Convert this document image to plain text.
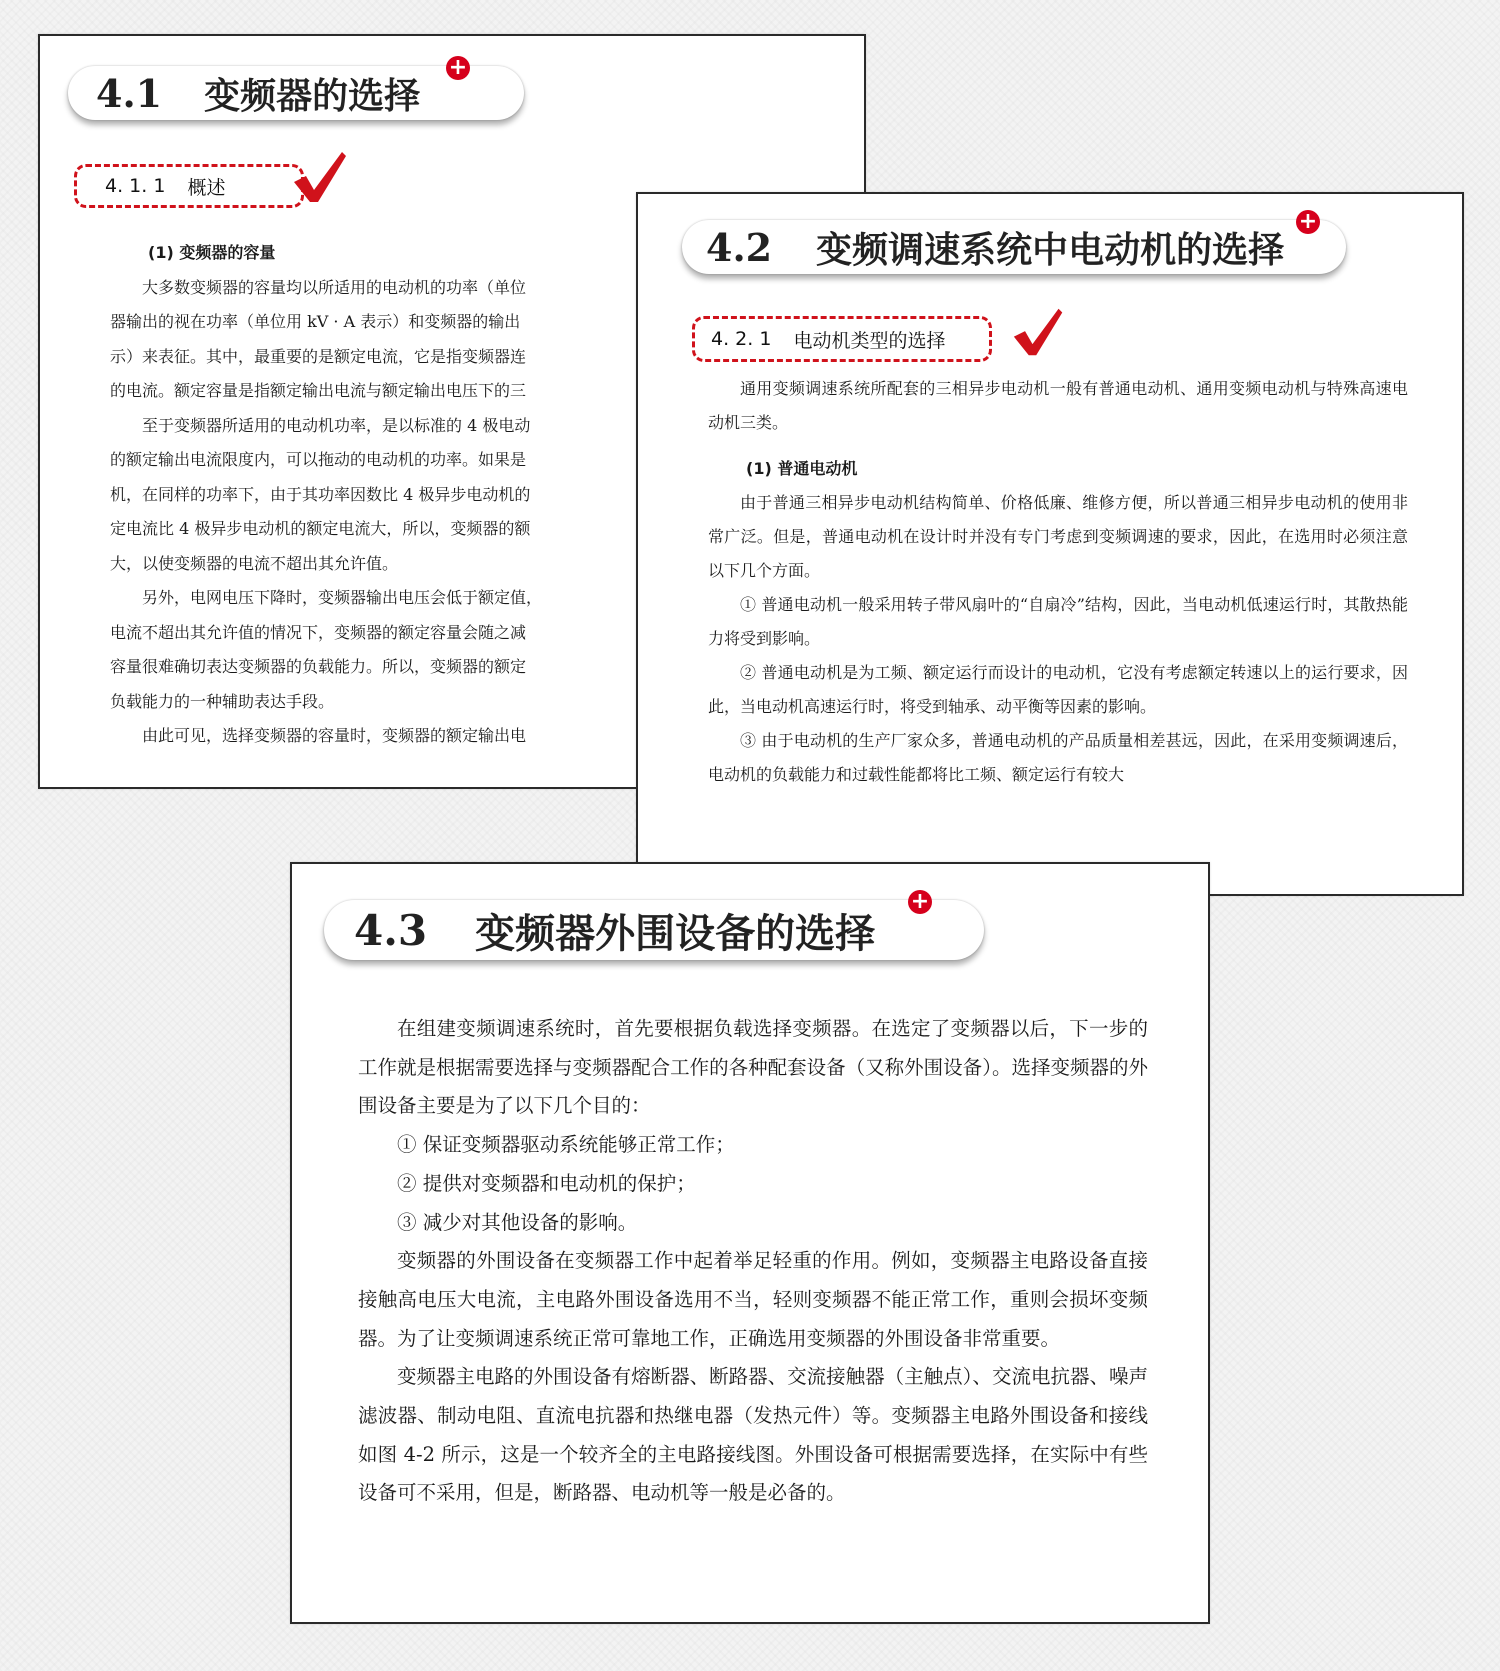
4.1 变频器的选择
+
4. 1. 1 概述

(1) 变频器的容量

大多数变频器的容量均以所适用的电动机的功率（单位

器输出的视在功率（单位用 kV · A 表示）和变频器的输出

示）来表征。其中，最重要的是额定电流，它是指变频器连

的电流。额定容量是指额定输出电流与额定输出电压下的三

至于变频器所适用的电动机功率，是以标准的 4 极电动

的额定输出电流限度内，可以拖动的电动机的功率。如果是

机，在同样的功率下，由于其功率因数比 4 极异步电动机的

定电流比 4 极异步电动机的额定电流大，所以，变频器的额

大，以使变频器的电流不超出其允许值。

另外，电网电压下降时，变频器输出电压会低于额定值，

电流不超出其允许值的情况下，变频器的额定容量会随之减

容量很难确切表达变频器的负载能力。所以，变频器的额定

负载能力的一种辅助表达手段。

由此可见，选择变频器的容量时，变频器的额定输出电

4.2 变频调速系统中电动机的选择
+
4. 2. 1 电动机类型的选择

通用变频调速系统所配套的三相异步电动机一般有普通电动机、通用变频电动机与特殊高速电动机三类。

(1) 普通电动机

由于普通三相异步电动机结构简单、价格低廉、维修方便，所以普通三相异步电动机的使用非常广泛。但是，普通电动机在设计时并没有专门考虑到变频调速的要求，因此，在选用时必须注意以下几个方面。

① 普通电动机一般采用转子带风扇叶的“自扇冷”结构，因此，当电动机低速运行时，其散热能力将受到影响。

② 普通电动机是为工频、额定运行而设计的电动机，它没有考虑额定转速以上的运行要求，因此，当电动机高速运行时，将受到轴承、动平衡等因素的影响。

③ 由于电动机的生产厂家众多，普通电动机的产品质量相差甚远，因此，在采用变频调速后，电动机的负载能力和过载性能都将比工频、额定运行有较大

4.3 变频器外围设备的选择
+

在组建变频调速系统时，首先要根据负载选择变频器。在选定了变频器以后，下一步的工作就是根据需要选择与变频器配合工作的各种配套设备（又称外围设备）。选择变频器的外围设备主要是为了以下几个目的：

① 保证变频器驱动系统能够正常工作；

② 提供对变频器和电动机的保护；

③ 减少对其他设备的影响。

变频器的外围设备在变频器工作中起着举足轻重的作用。例如，变频器主电路设备直接接触高电压大电流，主电路外围设备选用不当，轻则变频器不能正常工作，重则会损坏变频器。为了让变频调速系统正常可靠地工作，正确选用变频器的外围设备非常重要。

变频器主电路的外围设备有熔断器、断路器、交流接触器（主触点）、交流电抗器、噪声滤波器、制动电阻、直流电抗器和热继电器（发热元件）等。变频器主电路外围设备和接线如图 4-2 所示，这是一个较齐全的主电路接线图。外围设备可根据需要选择，在实际中有些设备可不采用，但是，断路器、电动机等一般是必备的。
